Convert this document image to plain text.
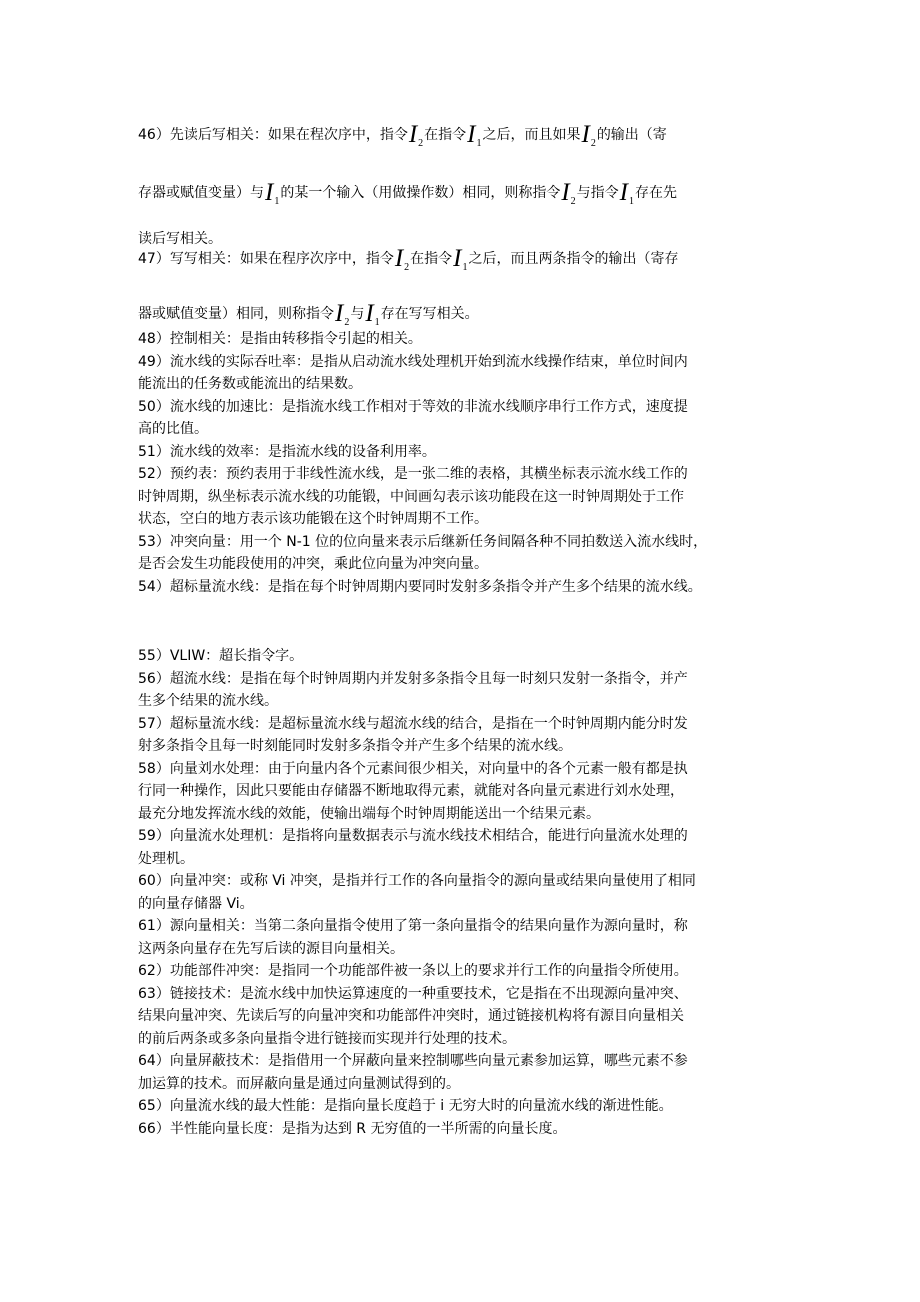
46）先读后写相关：如果在程次序中，指令$I_2$在指令$I_1$之后，而且如果$I_2$的输出（寄
存器或赋值变量）与$I_1$的某一个输入（用做操作数）相同，则称指令$I_2$与指令$I_1$存在先
读后写相关。
47）写写相关：如果在程序次序中，指令$I_2$在指令$I_1$之后，而且两条指令的输出（寄存
器或赋值变量）相同，则称指令$I_2$与$I_1$存在写写相关。
48）控制相关：是指由转移指令引起的相关。
49）流水线的实际吞吐率：是指从启动流水线处理机开始到流水线操作结束，单位时间内
能流出的任务数或能流出的结果数。
50）流水线的加速比：是指流水线工作相对于等效的非流水线顺序串行工作方式，速度提
高的比值。
51）流水线的效率：是指流水线的设备利用率。
52）预约表：预约表用于非线性流水线，是一张二维的表格，其横坐标表示流水线工作的
时钟周期，纵坐标表示流水线的功能锻，中间画勾表示该功能段在这一时钟周期处于工作
状态，空白的地方表示该功能锻在这个时钟周期不工作。
53）冲突向量：用一个 N-1 位的位向量来表示后继新任务间隔各种不同拍数送入流水线时，
是否会发生功能段使用的冲突，乘此位向量为冲突向量。
54）超标量流水线：是指在每个时钟周期内要同时发射多条指令并产生多个结果的流水线。
55）VLIW：超长指令字。
56）超流水线：是指在每个时钟周期内并发射多条指令且每一时刻只发射一条指令，并产
生多个结果的流水线。
57）超标量流水线：是超标量流水线与超流水线的结合，是指在一个时钟周期内能分时发
射多条指令且每一时刻能同时发射多条指令并产生多个结果的流水线。
58）向量刘水处理：由于向量内各个元素间很少相关，对向量中的各个元素一般有都是执
行同一种操作，因此只要能由存储器不断地取得元素，就能对各向量元素进行刘水处理，
最充分地发挥流水线的效能，使输出端每个时钟周期能送出一个结果元素。
59）向量流水处理机：是指将向量数据表示与流水线技术相结合，能进行向量流水处理的
处理机。
60）向量冲突：或称 Vi 冲突，是指并行工作的各向量指令的源向量或结果向量使用了相同
的向量存储器 Vi。
61）源向量相关：当第二条向量指令使用了第一条向量指令的结果向量作为源向量时，称
这两条向量存在先写后读的源目向量相关。
62）功能部件冲突：是指同一个功能部件被一条以上的要求并行工作的向量指令所使用。
63）链接技术：是流水线中加快运算速度的一种重要技术，它是指在不出现源向量冲突、
结果向量冲突、先读后写的向量冲突和功能部件冲突时，通过链接机构将有源目向量相关
的前后两条或多条向量指令进行链接而实现并行处理的技术。
64）向量屏蔽技术：是指借用一个屏蔽向量来控制哪些向量元素参加运算，哪些元素不参
加运算的技术。而屏蔽向量是通过向量测试得到的。
65）向量流水线的最大性能：是指向量长度趋于 i 无穷大时的向量流水线的渐进性能。
66）半性能向量长度：是指为达到 R 无穷值的一半所需的向量长度。
